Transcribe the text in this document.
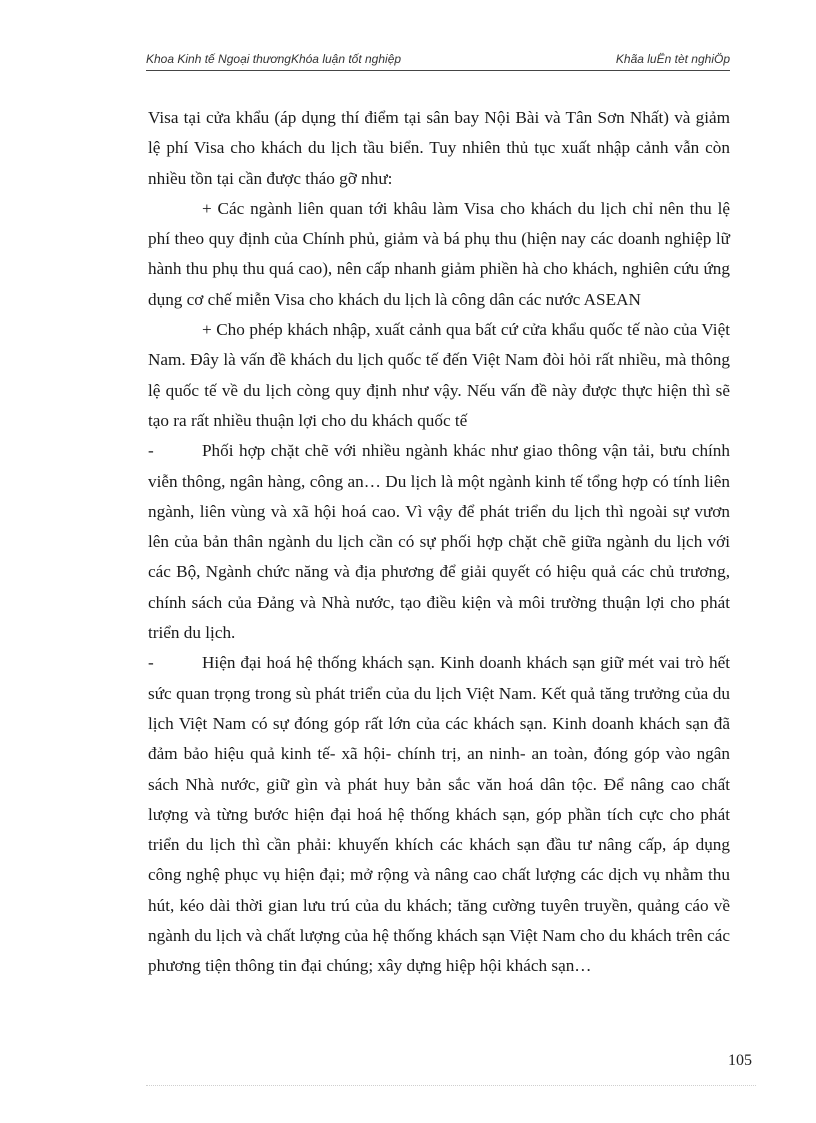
Khoa Kinh tế Ngoại thươngKhóa luận tốt nghiệp	Khãa luËn tèt nghiÖp

Visa tại cửa khẩu (áp dụng thí điểm tại sân bay Nội Bài và Tân Sơn Nhất) và giảm lệ phí Visa cho khách du lịch tầu biển. Tuy nhiên thủ tục xuất nhập cảnh vẫn còn nhiều tồn tại cần được tháo gỡ như:

+ Các ngành liên quan tới khâu làm Visa cho khách du lịch chỉ nên thu lệ phí theo quy định của Chính phủ, giảm và bá phụ thu (hiện nay các doanh nghiệp lữ hành thu phụ thu quá cao), nên cấp nhanh giảm phiền hà cho khách, nghiên cứu ứng dụng cơ chế miễn Visa cho khách du lịch là công dân các nước ASEAN

+ Cho phép khách nhập, xuất cảnh qua bất cứ cửa khẩu quốc tế nào của Việt Nam. Đây là vấn đề khách du lịch quốc tế đến Việt Nam đòi hỏi rất nhiều, mà thông lệ quốc tế về du lịch còng quy định như vậy. Nếu vấn đề này được thực hiện thì sẽ tạo ra rất nhiều thuận lợi cho du khách quốc tế

-	Phối hợp chặt chẽ với nhiều ngành khác như giao thông vận tải, bưu chính viễn thông, ngân hàng, công an… Du lịch là một ngành kinh tế tổng hợp có tính liên ngành, liên vùng và xã hội hoá cao. Vì vậy để phát triển du lịch thì ngoài sự vươn lên của bản thân ngành du lịch cần có sự phối hợp chặt chẽ giữa ngành du lịch với các Bộ, Ngành chức năng và địa phương để giải quyết có hiệu quả các chủ trương, chính sách của Đảng và Nhà nước, tạo điều kiện và môi trường thuận lợi cho phát triển du lịch.

-	Hiện đại hoá hệ thống khách sạn. Kinh doanh khách sạn giữ mét vai trò hết sức quan trọng trong sù phát triển của du lịch Việt Nam. Kết quả tăng trưởng của du lịch Việt Nam có sự đóng góp rất lớn của các khách sạn. Kinh doanh khách sạn đã đảm bảo hiệu quả kinh tế- xã hội- chính trị, an ninh- an toàn, đóng góp vào ngân sách Nhà nước, giữ gìn và phát huy bản sắc văn hoá dân tộc. Để nâng cao chất lượng và từng bước hiện đại hoá hệ thống khách sạn, góp phần tích cực cho phát triển du lịch thì cần phải: khuyến khích các khách sạn đầu tư nâng cấp, áp dụng công nghệ phục vụ hiện đại; mở rộng và nâng cao chất lượng các dịch vụ nhằm thu hút, kéo dài thời gian lưu trú của du khách; tăng cường tuyên truyền, quảng cáo về ngành du lịch và chất lượng của hệ thống khách sạn Việt Nam cho du khách trên các phương tiện thông tin đại chúng; xây dựng hiệp hội khách sạn…

105
